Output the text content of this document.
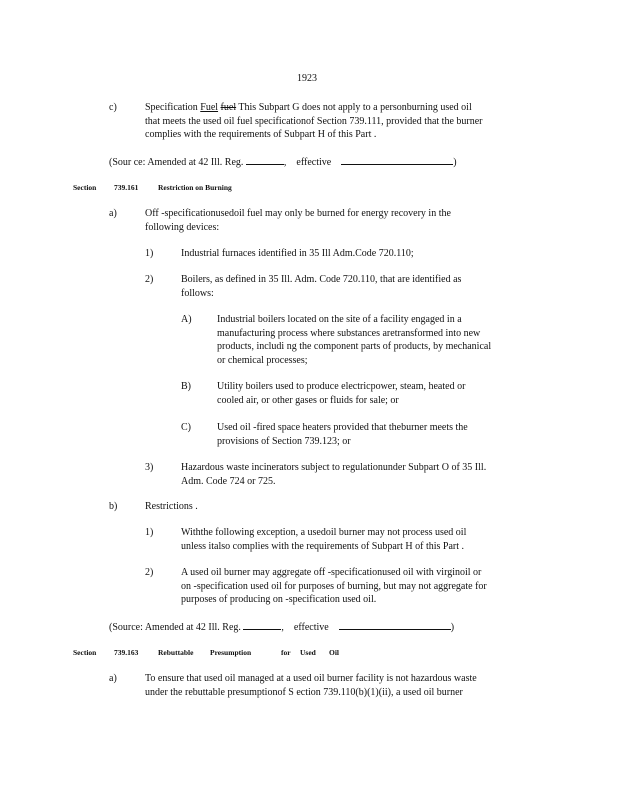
1923
c)	Specification Fuel fuel This Subpart G does not apply to a personburning used oil
that meets the used oil fuel specificationof Section 739.111, provided that the burner
complies with the requirements of Subpart H of this Part .
(Sour ce: Amended at 42 Ill. Reg.	, effective	)
Section 739.161	Restriction on Burning
a)	Off -specificationusedoil fuel may only be burned for energy recovery in the
following devices:
1)	Industrial furnaces identified in 35 Ill Adm.Code 720.110;
2)	Boilers, as defined in 35 Ill. Adm. Code 720.110, that are identified as
follows:
A)	Industrial boilers located on the site of a facility engaged in a
manufacturing process where substances aretransformed into new
products, includi ng the component parts of products, by mechanical
or chemical processes;
B)	Utility boilers used to produce electricpower, steam, heated or
cooled air, or other gases or fluids for sale; or
C)	Used oil -fired space heaters provided that theburner meets the
provisions of Section 739.123; or
3)	Hazardous waste incinerators subject to regulationunder Subpart O of 35 Ill.
Adm. Code 724 or 725.
b)	Restrictions .
1)	Withthe following exception, a usedoil burner may not process used oil
unless italso complies with the requirements of Subpart H of this Part .
2)	A used oil burner may aggregate off -specificationused oil with virginoil or
on -specification used oil for purposes of burning, but may not aggregate for
purposes of producing on -specification used oil.
(Source: Amended at 42 Ill. Reg.	, effective	)
Section 739.163	Rebuttable Presumption	for Used Oil
a)	To ensure that used oil managed at a used oil burner facility is not hazardous waste
under the rebuttable presumptionof S ection 739.110(b)(1)(ii), a used oil burner
